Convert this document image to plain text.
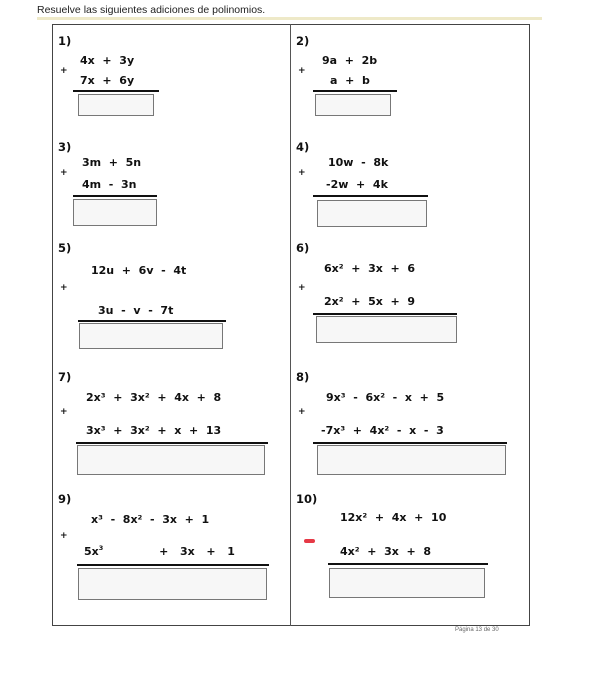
Resuelve las siguientes adiciones de polinomios.
1)
+
4x  +  3y
7x  +  6y
2)
+
9a  +  2b
a  +  b
3)
+
3m  +  5n
4m  -  3n
4)
+
10w  -  8k
-2w  +  4k
5)
+
12u  +  6v  -  4t
3u  -  v  -  7t
6)
+
6x²  +  3x  +  6
2x²  +  5x  +  9
7)
+
2x³  +  3x²  +  4x  +  8
3x³  +  3x²  +  x  +  13
8)
+
9x³  -  6x²  -  x  +  5
-7x³  +  4x²  -  x  -  3
9)
+
x³  -  8x²  -  3x  +  1
$5x^3$	+  3x  +  1
10)
12x²  +  4x  +  10
4x²  +  3x  +  8
Página 13 de 30
